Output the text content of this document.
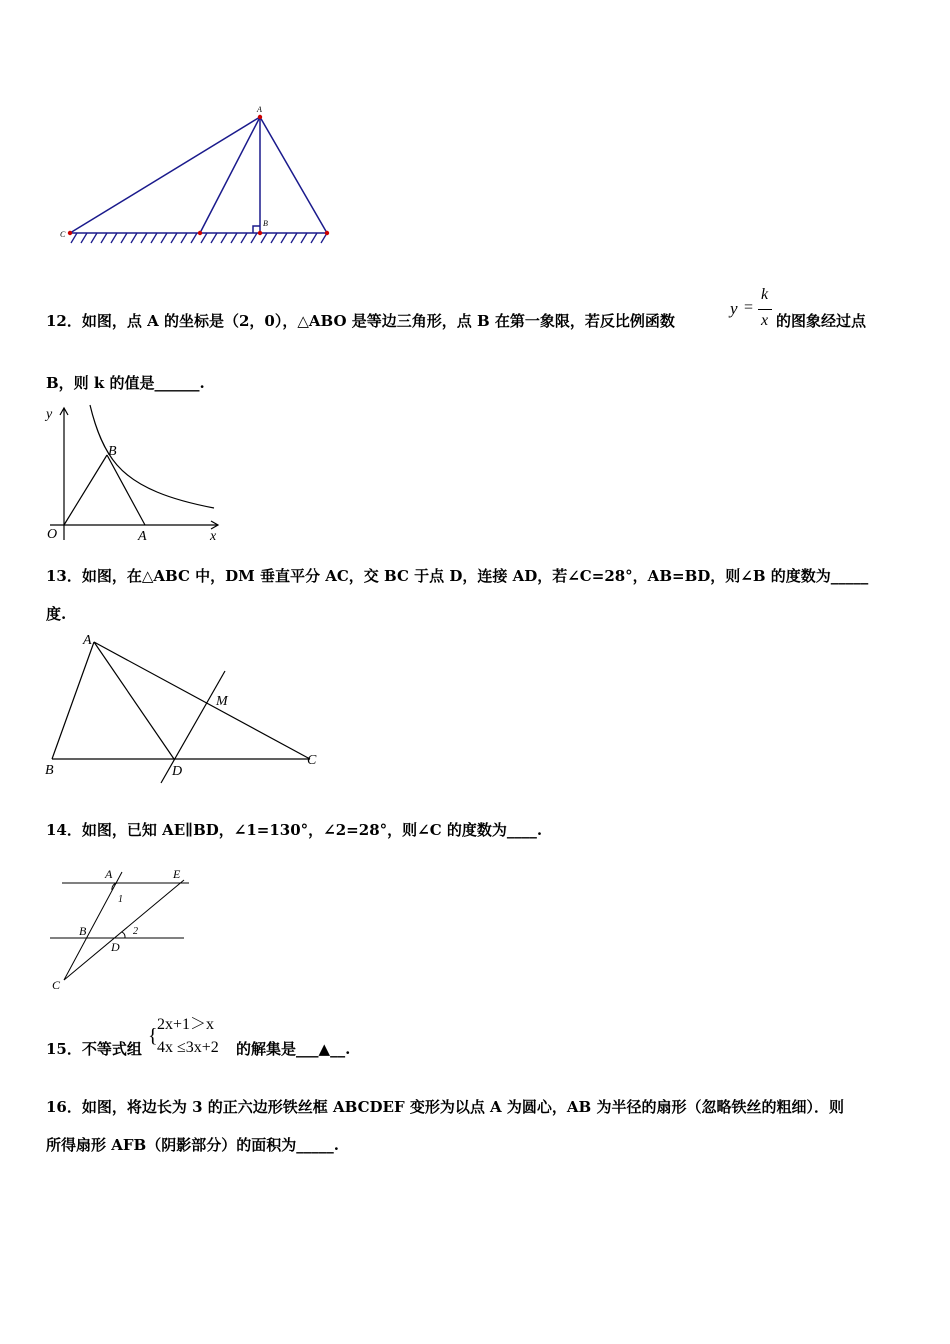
A
C
B
12．如图，点 A 的坐标是（2，0），△ABO 是等边三角形，点 B 在第一象限，若反比例函数
y =
k
x 的图象经过点
B，则 k 的值是______.
y
B
O	A	x
13．如图，在△ABC 中，DM 垂直平分 AC，交 BC 于点 D，连接 AD，若∠C=28°，AB=BD，则∠B 的度数为_____
度.
A
M
B	D
C
14．如图，已知 AE∥BD，∠1=130°，∠2=28°，则∠C 的度数为____.
A	E
1
B
D
2
C
15．不等式组
{
2x+1＞x
4x ≤3x+2 的解集是___▲__.
16．如图，将边长为 3 的正六边形铁丝框 ABCDEF 变形为以点 A 为圆心，AB 为半径的扇形（忽略铁丝的粗细）．则
所得扇形 AFB（阴影部分）的面积为_____.
